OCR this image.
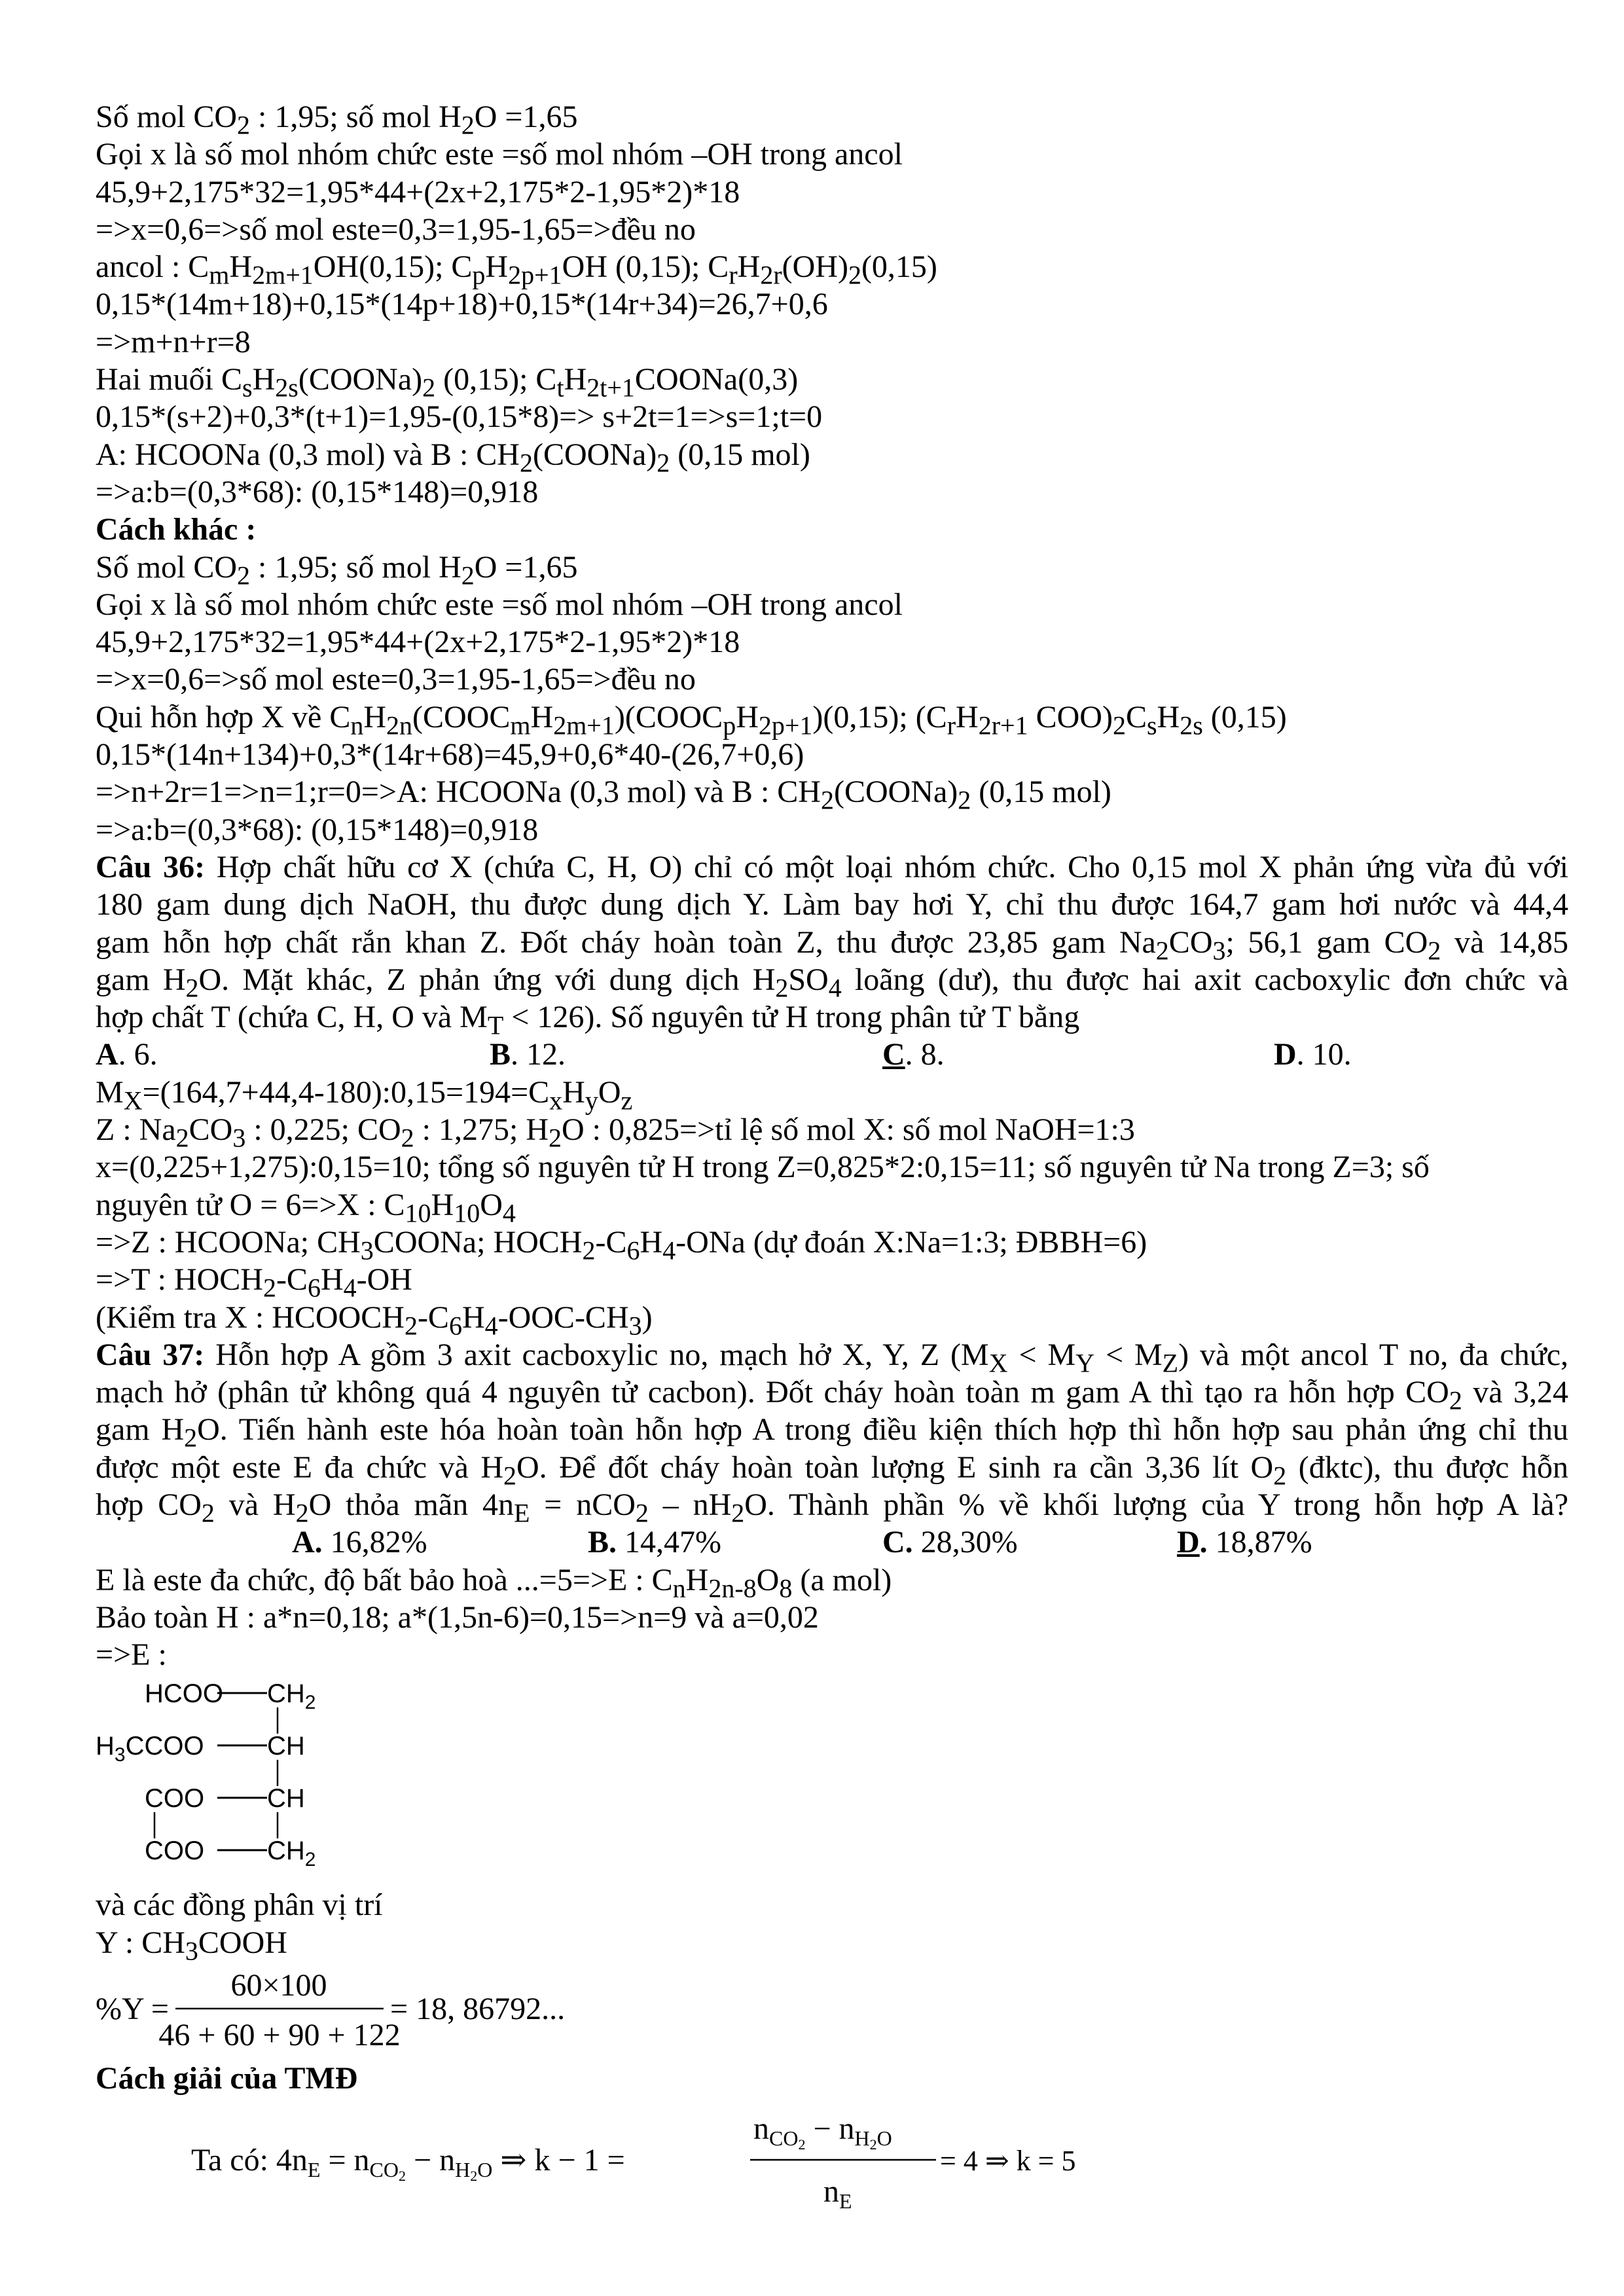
Số mol $CO_2$ : 1,95; số mol $H_2O =1,65$
Gọi x là số mol nhóm chức este =số mol nhóm –OH trong ancol
45,9+2,175*32=1,95*44+(2x+2,175*2-1,95*2)*18
=>x=0,6=>số mol este=0,3=1,95-1,65=>đều no
ancol : $C_mH_{2m+1}OH(0,15)$; $C_pH_{2p+1}OH$ (0,15); $C_rH_{2r}(OH)_2(0,15)$
0,15*(14m+18)+0,15*(14p+18)+0,15*(14r+34)=26,7+0,6
=>m+n+r=8
Hai muối $C_sH_{2s}(COONa)_2$ (0,15); $C_tH_{2t+1}COONa(0,3)$
0,15*(s+2)+0,3*(t+1)=1,95-(0,15*8)=> s+2t=1=>s=1;t=0
A: HCOONa (0,3 mol) và B : $CH_2(COONa)_2$ (0,15 mol)
=>a:b=(0,3*68): (0,15*148)=0,918
Cách khác :
Số mol $CO_2$ : 1,95; số mol $H_2O =1,65$
Gọi x là số mol nhóm chức este =số mol nhóm –OH trong ancol
45,9+2,175*32=1,95*44+(2x+2,175*2-1,95*2)*18
=>x=0,6=>số mol este=0,3=1,95-1,65=>đều no
Qui hỗn hợp X về $C_nH_{2n}(COOC_mH_{2m+1})(COOC_pH_{2p+1})(0,15)$; ($C_rH_{2r+1}$ $COO)_2C_sH_{2s}$ (0,15)
0,15*(14n+134)+0,3*(14r+68)=45,9+0,6*40-(26,7+0,6)
=>n+2r=1=>n=1;r=0=>A: HCOONa (0,3 mol) và B : $CH_2(COONa)_2$ (0,15 mol)
=>a:b=(0,3*68): (0,15*148)=0,918
Câu 36: Hợp chất hữu cơ X (chứa C, H, O) chỉ có một loại nhóm chức. Cho 0,15 mol X phản ứng vừa đủ với
180 gam dung dịch NaOH, thu được dung dịch Y. Làm bay hơi Y, chỉ thu được 164,7 gam hơi nước và 44,4
gam hỗn hợp chất rắn khan Z. Đốt cháy hoàn toàn Z, thu được 23,85 gam $Na_2CO_3$; 56,1 gam $CO_2$ và 14,85
gam $H_2O$. Mặt khác, Z phản ứng với dung dịch $H_2SO_4$ loãng (dư), thu được hai axit cacboxylic đơn chức và
hợp chất T (chứa C, H, O và $M_T < 126$). Số nguyên tử H trong phân tử T bằng
A. 6.	B. 12.	C. 8.	D. 10.
$M_X=(164,7+44,4-180):0,15=194=C_xH_yO_z$
Z : $Na_2CO_3$ : 0,225; $CO_2$ : 1,275; $H_2O$ : 0,825=>tỉ lệ số mol X: số mol NaOH=1:3
x=(0,225+1,275):0,15=10; tổng số nguyên tử H trong Z=0,825*2:0,15=11; số nguyên tử Na trong Z=3; số
nguyên tử O = 6=>X : $C_{10}H_{10}O_4$
=>Z : HCOONa; $CH_3COONa$; $HOCH_2-C_6H_4$-ONa (dự đoán X:Na=1:3; ĐBBH=6)
=>T : $HOCH_2-C_6H_4-OH$
(Kiểm tra X : $HCOOCH_2-C_6H_4-OOC-CH_3$)
Câu 37: Hỗn hợp A gồm 3 axit cacboxylic no, mạch hở X, Y, Z $(M_X < M_Y < M_Z)$ và một ancol T no, đa chức,
mạch hở (phân tử không quá 4 nguyên tử cacbon). Đốt cháy hoàn toàn m gam A thì tạo ra hỗn hợp $CO_2$ và 3,24
gam $H_2O$. Tiến hành este hóa hoàn toàn hỗn hợp A trong điều kiện thích hợp thì hỗn hợp sau phản ứng chỉ thu
được một este E đa chức và $H_2O$. Để đốt cháy hoàn toàn lượng E sinh ra cần 3,36 lít $O_2$ (đktc), thu được hỗn
hợp $CO_2$ và $H_2O$ thỏa mãn $4n_E = nCO_2 - nH_2O$. Thành phần % về khối lượng của Y trong hỗn hợp A là?
A. 16,82%	B. 14,47%	C. 28,30%	D. 18,87%
E là este đa chức, độ bất bảo hoà ...=5=>E : $C_nH_{2n-8}O_8$ (a mol)
Bảo toàn H : a*n=0,18; a*(1,5n-6)=0,15=>n=9 và a=0,02
=>E :
HCOO $CH_2$
$H_3CCOO$ CH
COO CH
COO $CH_2$
và các đồng phân vị trí
Y : $CH_3COOH$
%Y =
60×100
46 + 60 + 90 + 122
= 18, 86792...
Cách giải của TMĐ
Ta có: $4n_E = n_{CO}2 - n_H2O$ ⇒ k − 1 =
$n_{CO}2 - n_H2O$
$n_E$
= 4 ⇒ k = 5
